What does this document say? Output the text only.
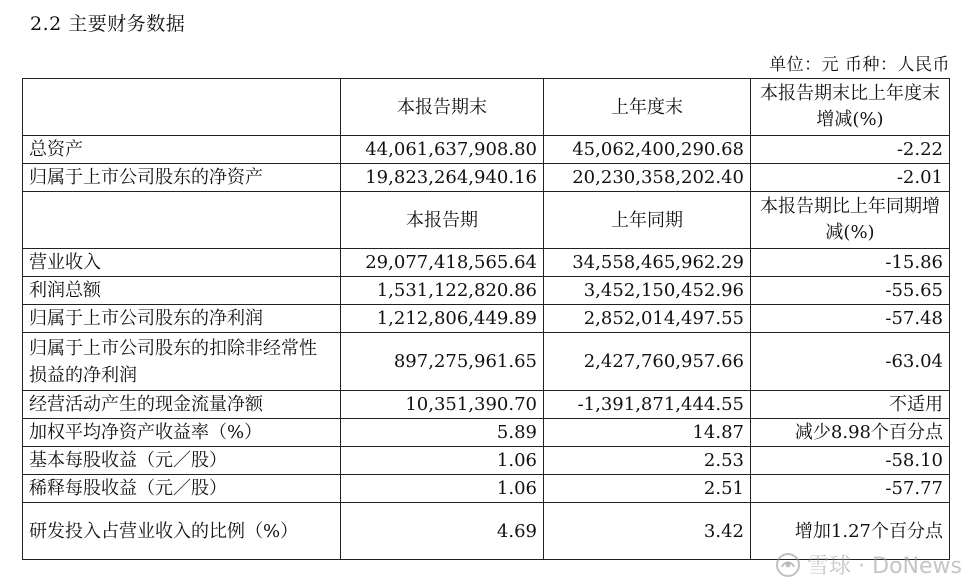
2.2 主要财务数据
单位：元 币种：人民币
	本报告期末	上年度末	本报告期末比上年度末增减(%)
总资产	44,061,637,908.80	45,062,400,290.68	-2.22
归属于上市公司股东的净资产	19,823,264,940.16	20,230,358,202.40	-2.01
	本报告期	上年同期	本报告期比上年同期增减(%)
营业收入	29,077,418,565.64	34,558,465,962.29	-15.86
利润总额	1,531,122,820.86	3,452,150,452.96	-55.65
归属于上市公司股东的净利润	1,212,806,449.89	2,852,014,497.55	-57.48
归属于上市公司股东的扣除非经常性损益的净利润	897,275,961.65	2,427,760,957.66	-63.04
经营活动产生的现金流量净额	10,351,390.70	-1,391,871,444.55	不适用
加权平均净资产收益率（%）	5.89	14.87	减少8.98个百分点
基本每股收益（元／股）	1.06	2.53	-58.10
稀释每股收益（元／股）	1.06	2.51	-57.77
研发投入占营业收入的比例（%）	4.69	3.42	增加1.27个百分点
雪球 · DoNews
